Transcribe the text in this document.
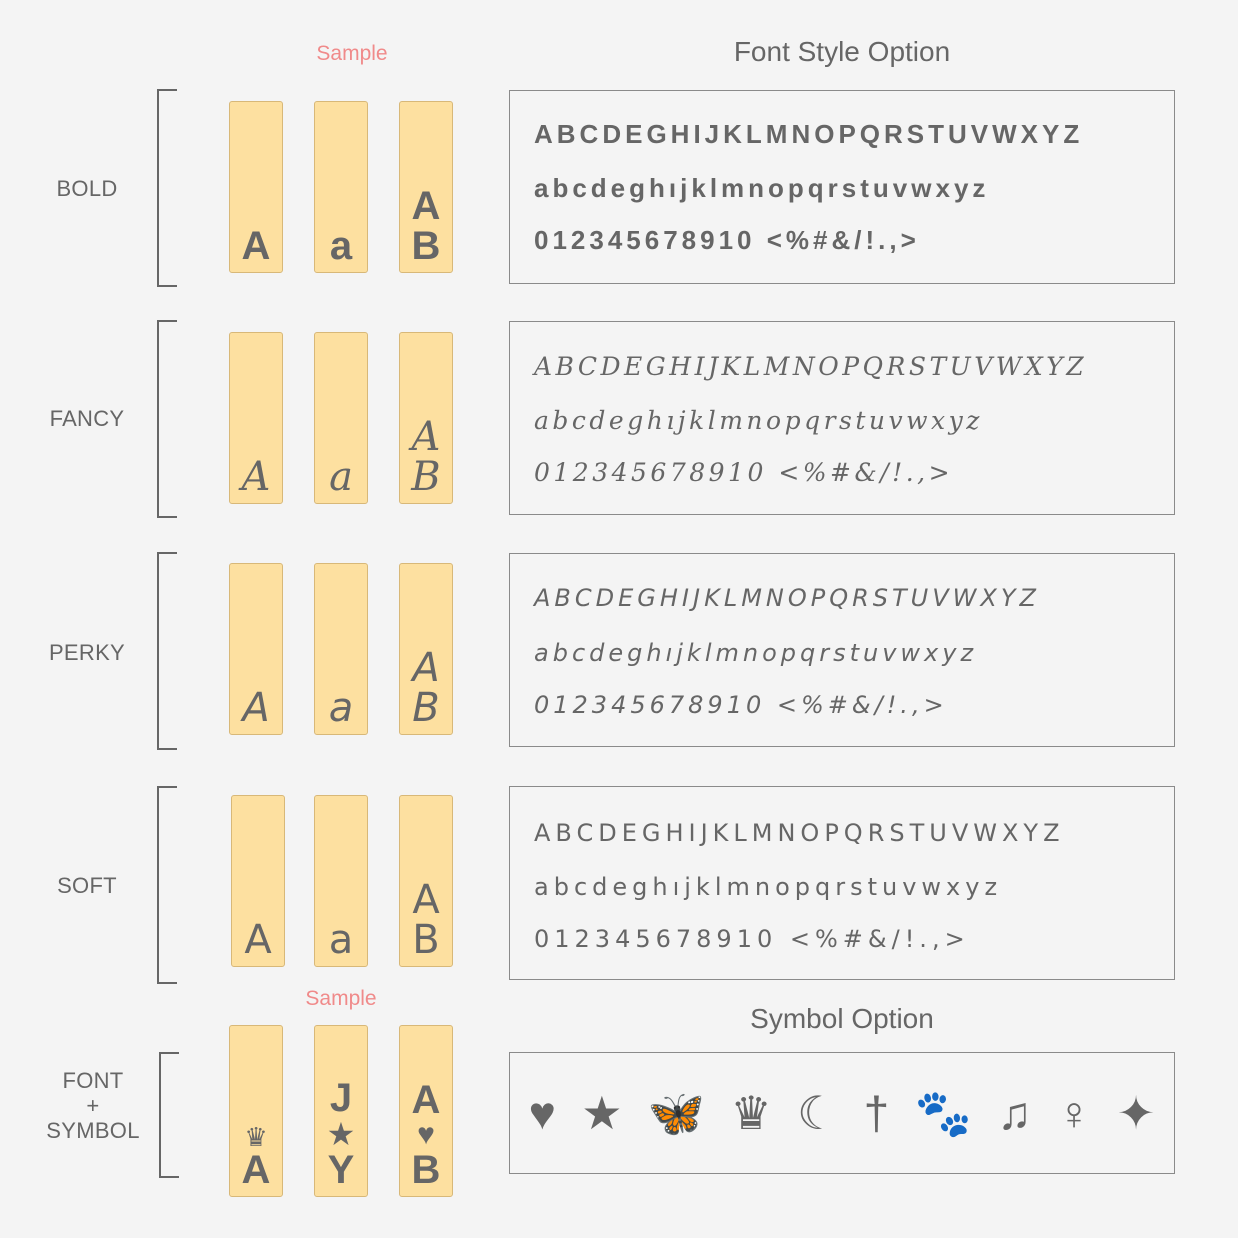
Sample	Font Style Option
BOLD
A a
A
B
ABCDEGHIJKLMNOPQRSTUVWXYZ
abcdeghıjklmnopqrstuvwxyz
012345678910 <%#&/!.,>
FANCY
A a
A
B
ABCDEGHIJKLMNOPQRSTUVWXYZ
abcdeghıjklmnopqrstuvwxyz
012345678910 <%#&/!.,>
PERKY
A a
A
B
ABCDEGHIJKLMNOPQRSTUVWXYZ
abcdeghıjklmnopqrstuvwxyz
012345678910 <%#&/!.,>
SOFT
A a
A
B
ABCDEGHIJKLMNOPQRSTUVWXYZ
abcdeghıjklmnopqrstuvwxyz
012345678910 <%#&/!.,>
Sample
Symbol Option
FONT
+
SYMBOL	♛
A
J
★
Y
A
♥
B
♥ ★ 🦋 ♛ ☾ † 🐾 ♫ ♀ ✦
